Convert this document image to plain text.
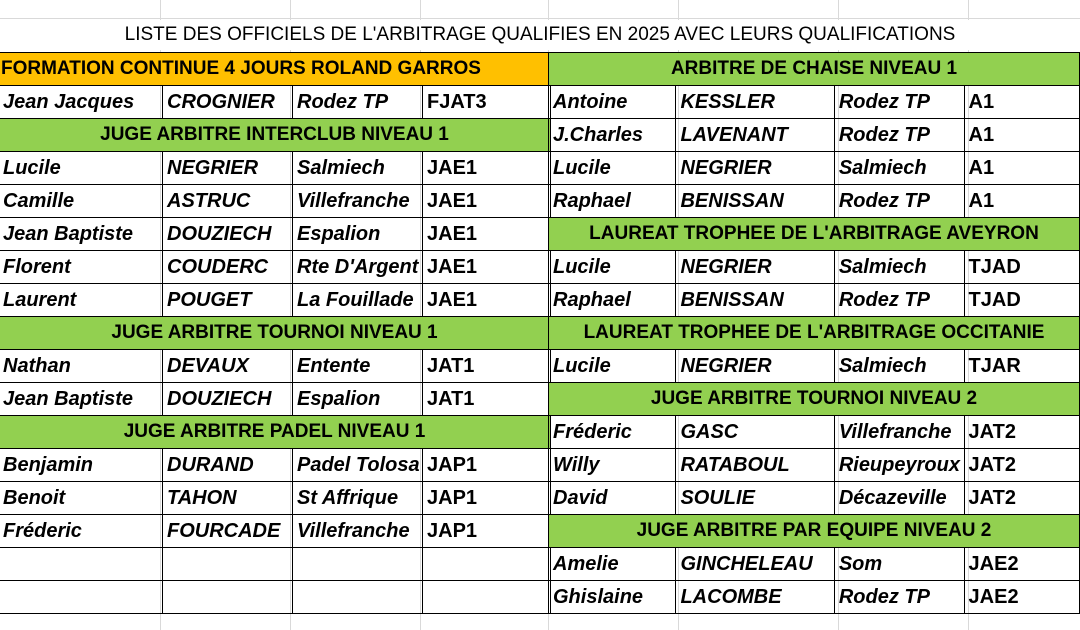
LISTE DES OFFICIELS DE L'ARBITRAGE QUALIFIES EN 2025 AVEC LEURS QUALIFICATIONS
FORMATION CONTINUE 4 JOURS ROLAND GARROS			
Jean Jacques	CROGNIER	Rodez TP	FJAT3
JUGE ARBITRE INTERCLUB NIVEAU 1			
Lucile	NEGRIER	Salmiech	JAE1
Camille	ASTRUC	Villefranche	JAE1
Jean Baptiste	DOUZIECH	Espalion	JAE1
Florent	COUDERC	Rte D'Argent	JAE1
Laurent	POUGET	La Fouillade	JAE1
JUGE ARBITRE TOURNOI NIVEAU 1			
Nathan	DEVAUX	Entente	JAT1
Jean Baptiste	DOUZIECH	Espalion	JAT1
JUGE ARBITRE PADEL NIVEAU 1			
Benjamin	DURAND	Padel Tolosa	JAP1
Benoit	TAHON	St Affrique	JAP1
Fréderic	FOURCADE	Villefranche	JAP1

ARBITRE DE CHAISE NIVEAU 1			
Antoine	KESSLER	Rodez TP	A1
J.Charles	LAVENANT	Rodez TP	A1
Lucile	NEGRIER	Salmiech	A1
Raphael	BENISSAN	Rodez TP	A1
LAUREAT TROPHEE DE L'ARBITRAGE AVEYRON			
Lucile	NEGRIER	Salmiech	TJAD
Raphael	BENISSAN	Rodez TP	TJAD
LAUREAT TROPHEE DE L'ARBITRAGE OCCITANIE			
Lucile	NEGRIER	Salmiech	TJAR
JUGE ARBITRE TOURNOI NIVEAU 2			
Fréderic	GASC	Villefranche	JAT2
Willy	RATABOUL	Rieupeyroux	JAT2
David	SOULIE	Décazeville	JAT2
JUGE ARBITRE PAR EQUIPE NIVEAU 2			
Amelie	GINCHELEAU	Som	JAE2
Ghislaine	LACOMBE	Rodez TP	JAE2
